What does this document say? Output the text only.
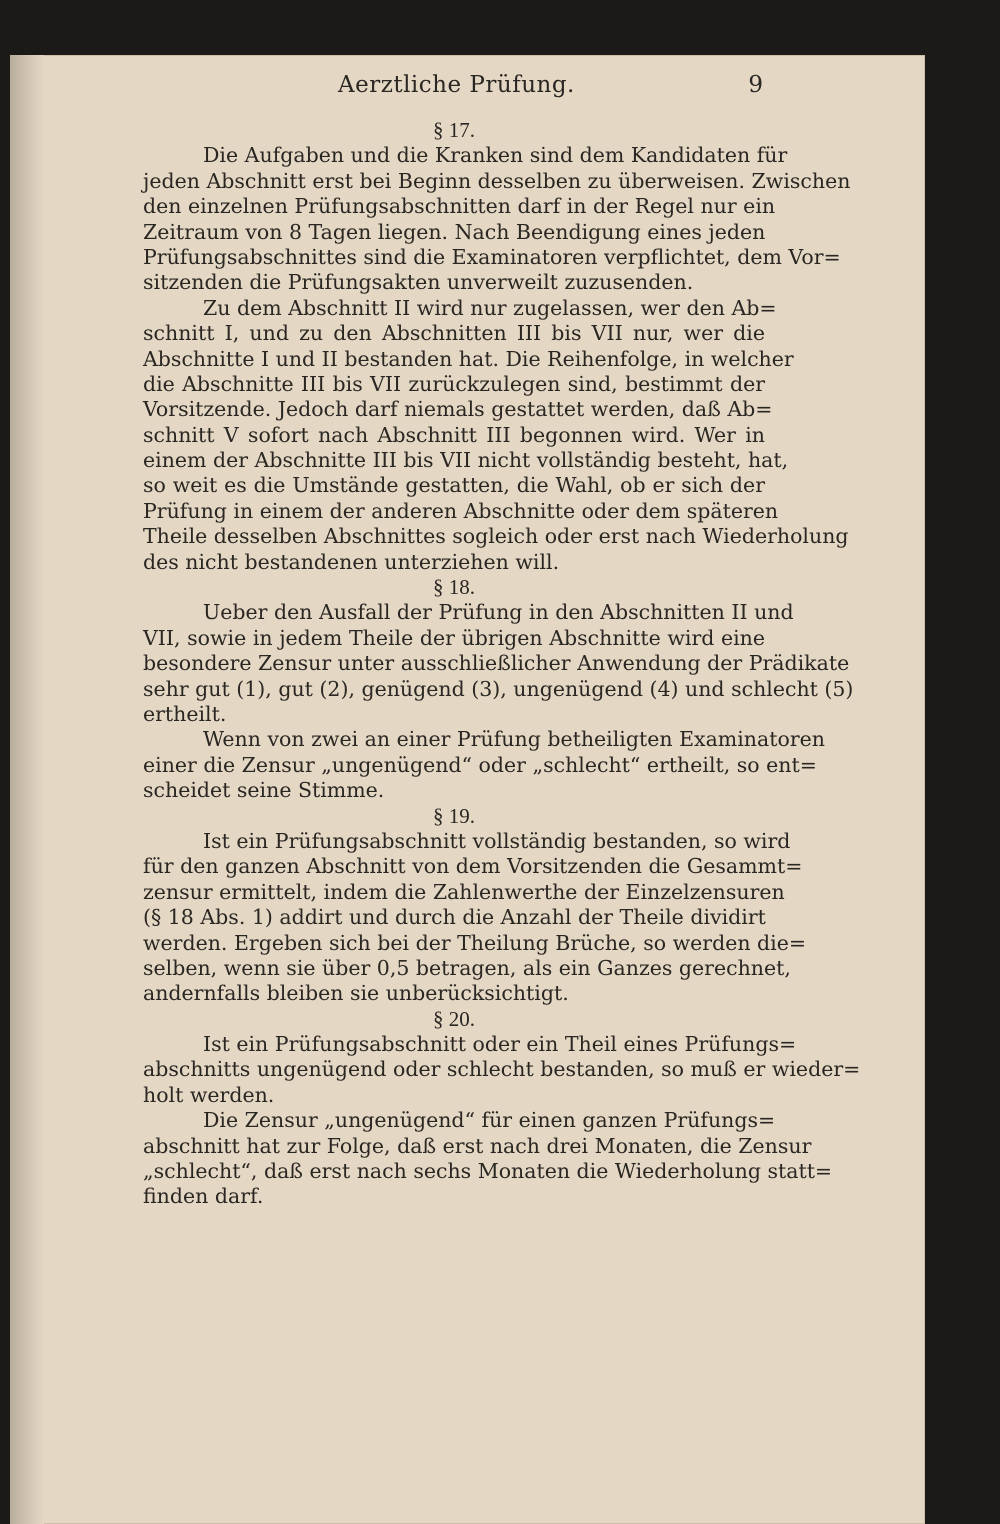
Aerztliche Prüfung.	9
§ 17.
Die Aufgaben und die Kranken sind dem Kandidaten für
jeden Abschnitt erst bei Beginn desselben zu überweisen. Zwischen
den einzelnen Prüfungsabschnitten darf in der Regel nur ein
Zeitraum von 8 Tagen liegen. Nach Beendigung eines jeden
Prüfungsabschnittes sind die Examinatoren verpflichtet, dem Vor=
sitzenden die Prüfungsakten unverweilt zuzusenden.
Zu dem Abschnitt II wird nur zugelassen, wer den Ab=
schnitt I, und zu den Abschnitten III bis VII nur, wer die
Abschnitte I und II bestanden hat. Die Reihenfolge, in welcher
die Abschnitte III bis VII zurückzulegen sind, bestimmt der
Vorsitzende. Jedoch darf niemals gestattet werden, daß Ab=
schnitt V sofort nach Abschnitt III begonnen wird. Wer in
einem der Abschnitte III bis VII nicht vollständig besteht, hat,
so weit es die Umstände gestatten, die Wahl, ob er sich der
Prüfung in einem der anderen Abschnitte oder dem späteren
Theile desselben Abschnittes sogleich oder erst nach Wiederholung
des nicht bestandenen unterziehen will.
§ 18.
Ueber den Ausfall der Prüfung in den Abschnitten II und
VII, sowie in jedem Theile der übrigen Abschnitte wird eine
besondere Zensur unter ausschließlicher Anwendung der Prädikate
sehr gut (1), gut (2), genügend (3), ungenügend (4) und schlecht (5)
ertheilt.
Wenn von zwei an einer Prüfung betheiligten Examinatoren
einer die Zensur „ungenügend“ oder „schlecht“ ertheilt, so ent=
scheidet seine Stimme.
§ 19.
Ist ein Prüfungsabschnitt vollständig bestanden, so wird
für den ganzen Abschnitt von dem Vorsitzenden die Gesammt=
zensur ermittelt, indem die Zahlenwerthe der Einzelzensuren
(§ 18 Abs. 1) addirt und durch die Anzahl der Theile dividirt
werden. Ergeben sich bei der Theilung Brüche, so werden die=
selben, wenn sie über 0,5 betragen, als ein Ganzes gerechnet,
andernfalls bleiben sie unberücksichtigt.
§ 20.
Ist ein Prüfungsabschnitt oder ein Theil eines Prüfungs=
abschnitts ungenügend oder schlecht bestanden, so muß er wieder=
holt werden.
Die Zensur „ungenügend“ für einen ganzen Prüfungs=
abschnitt hat zur Folge, daß erst nach drei Monaten, die Zensur
„schlecht“, daß erst nach sechs Monaten die Wiederholung statt=
finden darf.
